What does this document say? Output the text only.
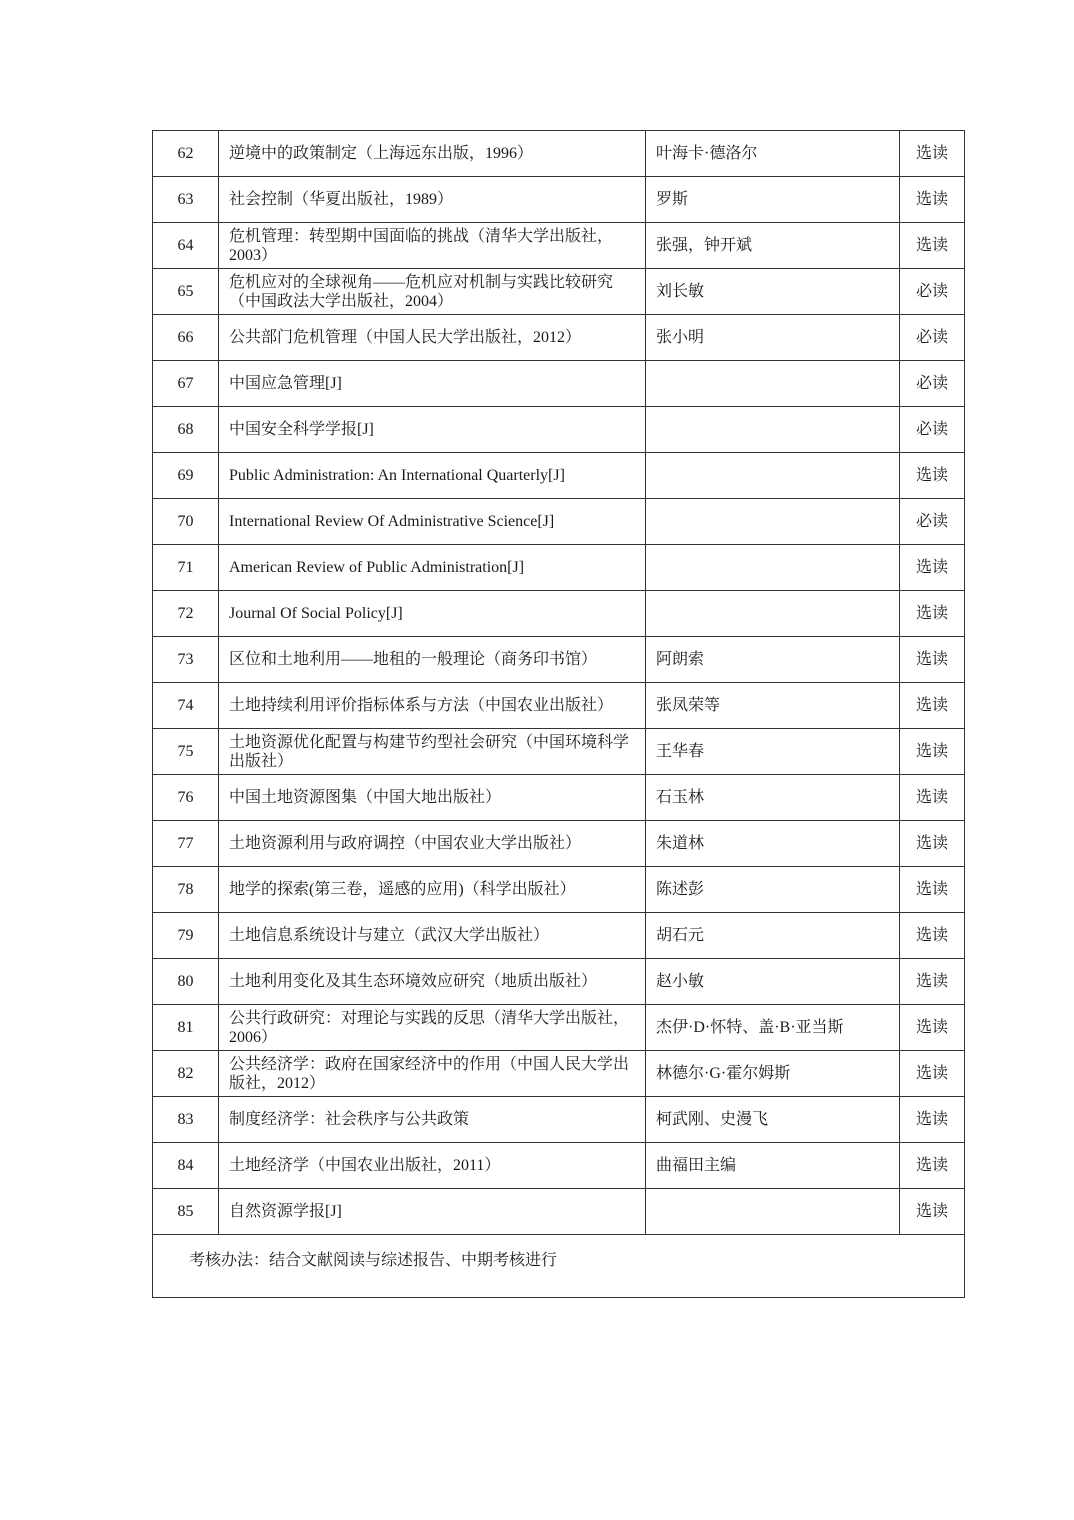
62	逆境中的政策制定（上海远东出版，1996）	叶海卡·德洛尔	选读
63	社会控制（华夏出版社，1989）	罗斯	选读
64	危机管理：转型期中国面临的挑战（清华大学出版社，2003）	张强，钟开斌	选读
65	危机应对的全球视角——危机应对机制与实践比较研究（中国政法大学出版社，2004）	刘长敏	必读
66	公共部门危机管理（中国人民大学出版社，2012）	张小明	必读
67	中国应急管理[J]		必读
68	中国安全科学学报[J]		必读
69	Public Administration: An International Quarterly[J]		选读
70	International Review Of Administrative Science[J]		必读
71	American Review of Public Administration[J]		选读
72	Journal Of Social Policy[J]		选读
73	区位和土地利用——地租的一般理论（商务印书馆）	阿朗索	选读
74	土地持续利用评价指标体系与方法（中国农业出版社）	张凤荣等	选读
75	土地资源优化配置与构建节约型社会研究（中国环境科学出版社）	王华春	选读
76	中国土地资源图集（中国大地出版社）	石玉林	选读
77	土地资源利用与政府调控（中国农业大学出版社）	朱道林	选读
78	地学的探索(第三卷，遥感的应用)（科学出版社）	陈述彭	选读
79	土地信息系统设计与建立（武汉大学出版社）	胡石元	选读
80	土地利用变化及其生态环境效应研究（地质出版社）	赵小敏	选读
81	公共行政研究：对理论与实践的反思（清华大学出版社，2006）	杰伊·D·怀特、盖·B·亚当斯	选读
82	公共经济学：政府在国家经济中的作用（中国人民大学出版社，2012）	林德尔·G·霍尔姆斯	选读
83	制度经济学：社会秩序与公共政策	柯武刚、史漫飞	选读
84	土地经济学（中国农业出版社，2011）	曲福田主编	选读
85	自然资源学报[J]		选读
考核办法：结合文献阅读与综述报告、中期考核进行			
